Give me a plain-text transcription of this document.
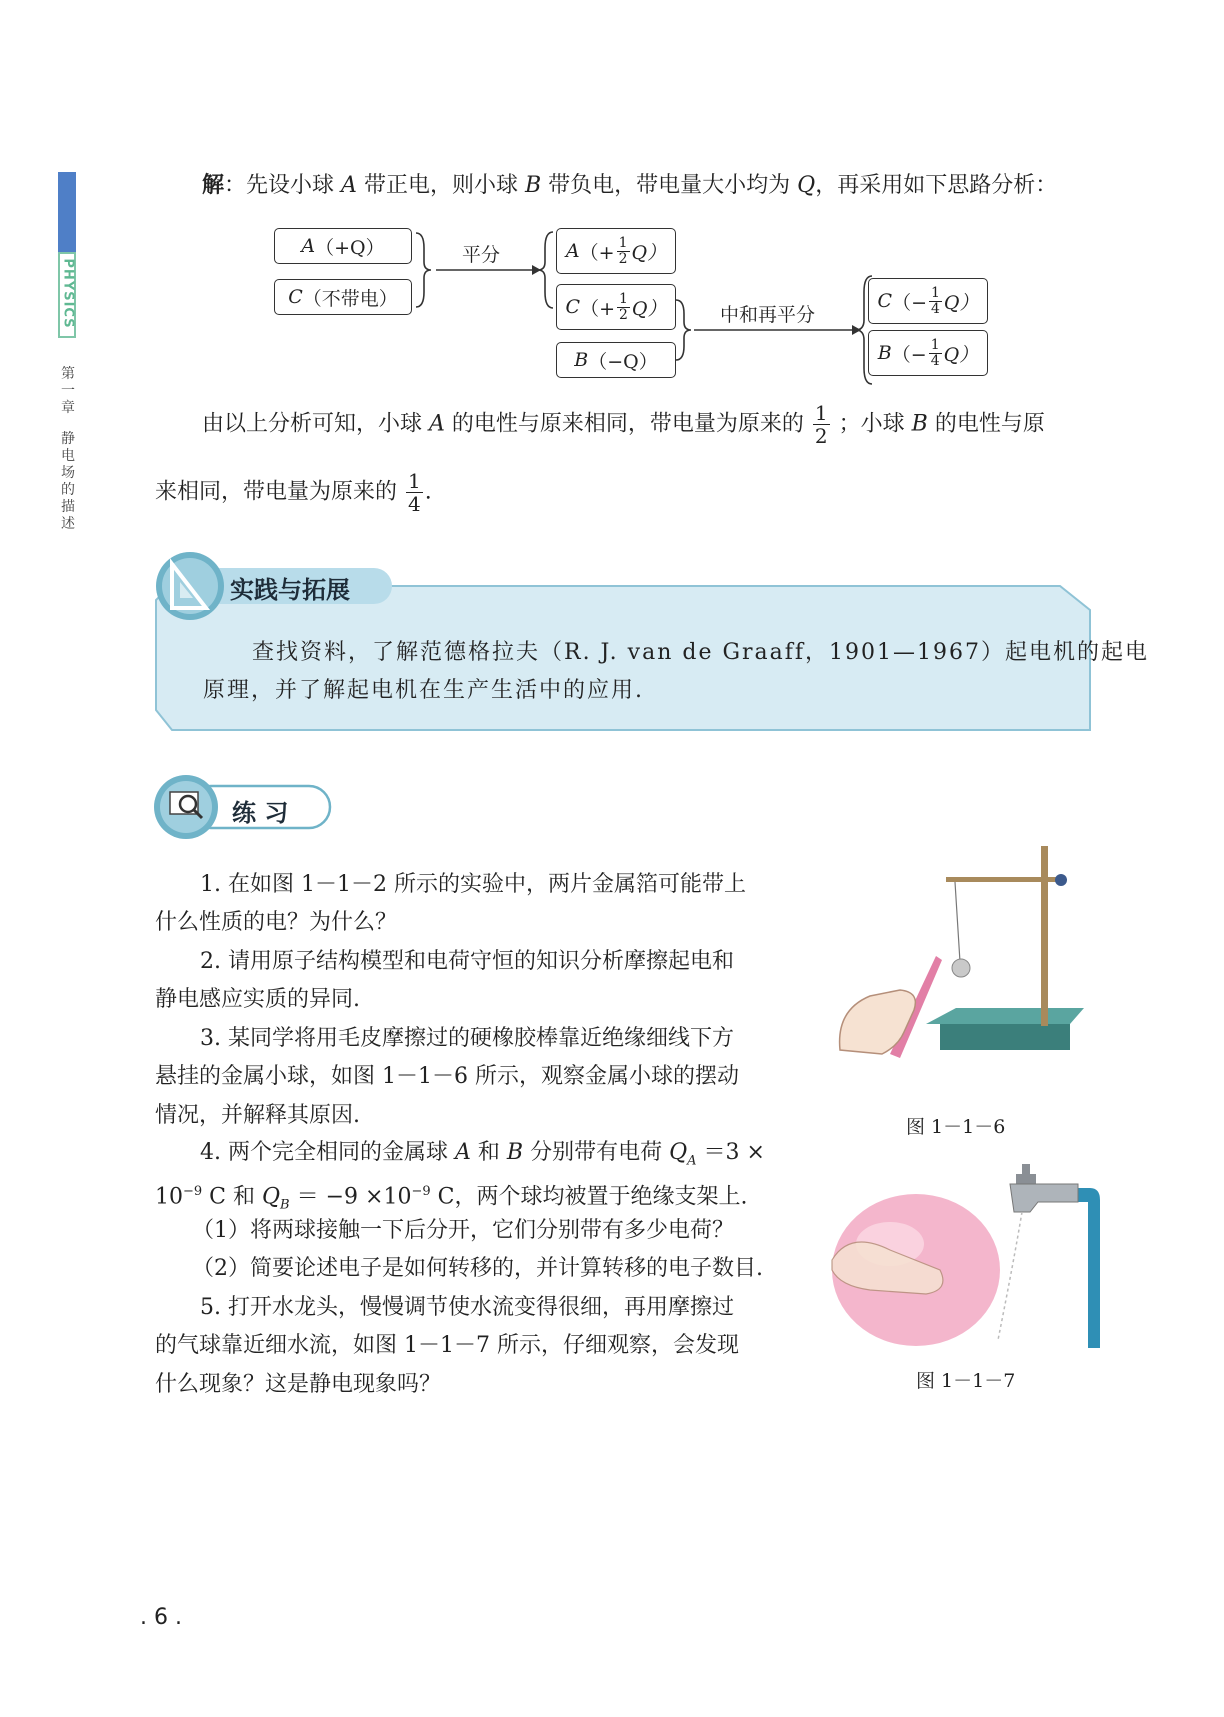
PHYSICS
第一章
静电场的描述
解：先设小球 A 带正电，则小球 B 带负电，带电量大小均为 Q，再采用如下思路分析：
A （+Q）
C （不带电）
平分	A （+ $\frac{1}{2} Q$）
C （+ $\frac{1}{2} Q$）
B （−Q）
中和再平分
C （− $\frac{1}{4} Q$）
B （− $\frac{1}{4} Q$）
由以上分析可知，小球 A 的电性与原来相同，带电量为原来的 $\frac{1}{2}$ ；小球 B 的电性与原
来相同，带电量为原来的 $\frac{1}{4}$ .
实践与拓展
查找资料，了解范德格拉夫（R. J. van de Graaff，1901—1967）起电机的起电
原理，并了解起电机在生产生活中的应用.
练 习
1. 在如图 1－1－2 所示的实验中，两片金属箔可能带上
什么性质的电？为什么？
2. 请用原子结构模型和电荷守恒的知识分析摩擦起电和
静电感应实质的异同.
3. 某同学将用毛皮摩擦过的硬橡胶棒靠近绝缘细线下方
悬挂的金属小球，如图 1－1－6 所示，观察金属小球的摆动
情况，并解释其原因.
4. 两个完全相同的金属球 A 和 B 分别带有电荷 $Q_A =3$ ×
$10^{-9}$ C 和 $Q_B = -9 \times 10^{-9}$ C，两个球均被置于绝缘支架上.
（1）将两球接触一下后分开，它们分别带有多少电荷？
（2）简要论述电子是如何转移的，并计算转移的电子数目.
5. 打开水龙头，慢慢调节使水流变得很细，再用摩擦过
的气球靠近细水流，如图 1－1－7 所示，仔细观察，会发现
什么现象？这是静电现象吗？
图 1－1－6
图 1－1－7
. 6 .
